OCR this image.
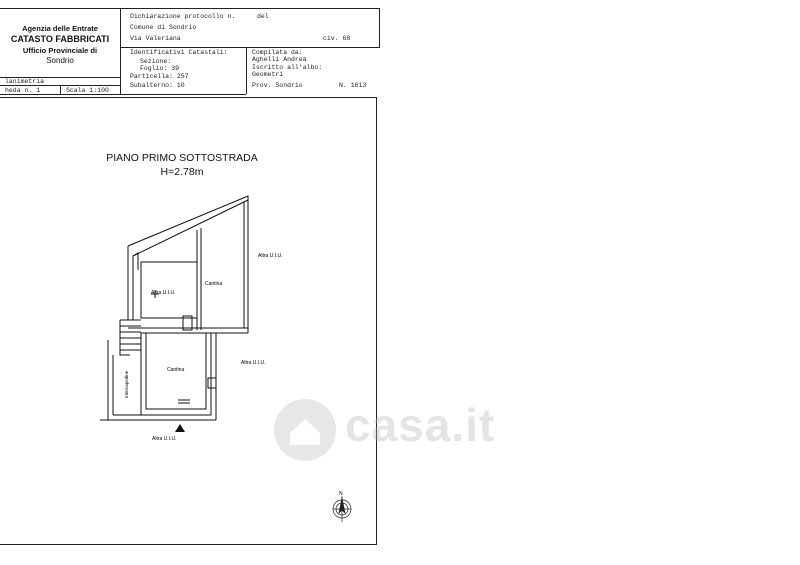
Agenzia delle Entrate
CATASTO FABBRICATI
Ufficio Provinciale di
Sondrio
Dichiarazione protocollo n.	del
Comune di Sondrio
Via Valeriana	civ. 68
Identificativi Catastali:
Sezione:
Foglio: 39
Particella: 257
Subalterno: 10
Compilata da:
Aghelli Andrea
Iscritto all'albo:
Geometri
Prov. Sondrio	N. 1613
lanimetria
heda n. 1	Scala 1:100
PIANO PRIMO SOTTOSTRADA
H=2.78m
Altra U.I.U.
Altra U.I.U.
Cantina
Cantina
Altra U.I.U.
Intercapedine
Altra U.I.U.
N
casa.it
